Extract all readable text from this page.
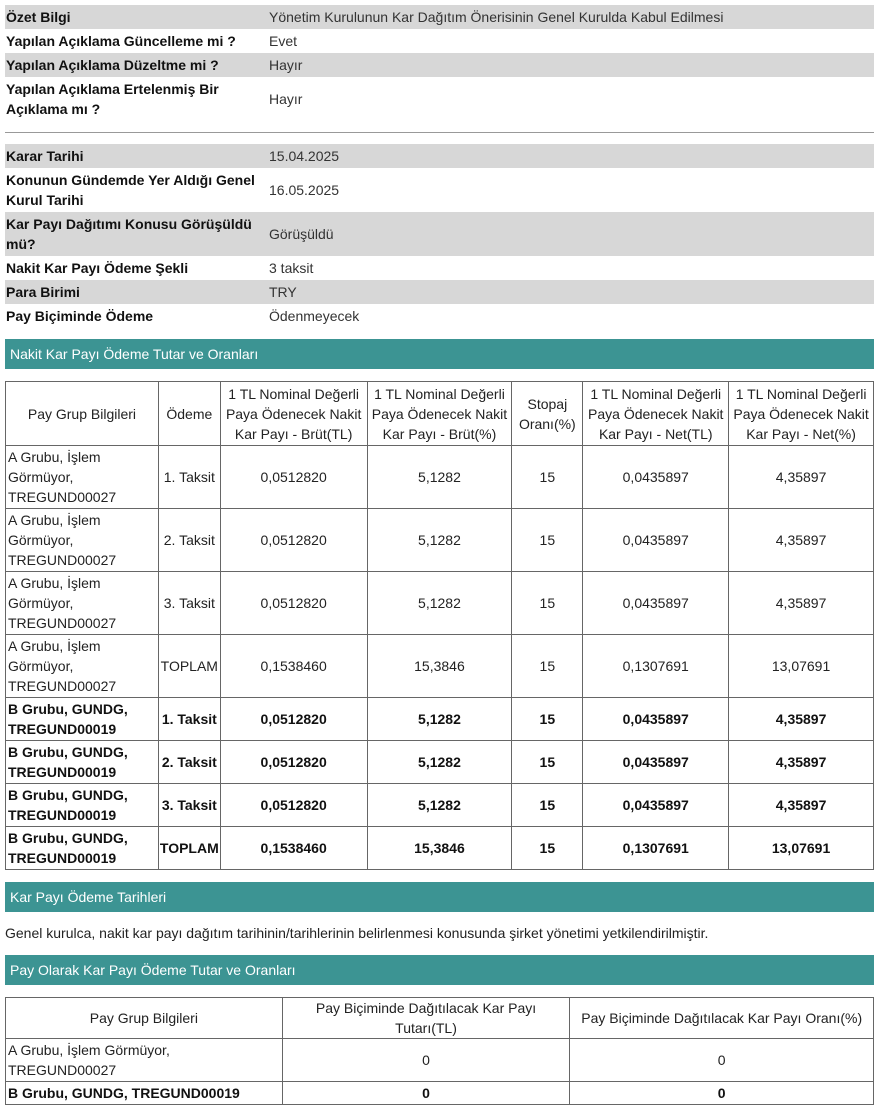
Özet Bilgi	Yönetim Kurulunun Kar Dağıtım Önerisinin Genel Kurulda Kabul Edilmesi
Yapılan Açıklama Güncelleme mi ?	Evet
Yapılan Açıklama Düzeltme mi ?	Hayır
Yapılan Açıklama Ertelenmiş Bir Açıklama mı ?	Hayır
Karar Tarihi	15.04.2025
Konunun Gündemde Yer Aldığı Genel Kurul Tarihi	16.05.2025
Kar Payı Dağıtımı Konusu Görüşüldü mü?	Görüşüldü
Nakit Kar Payı Ödeme Şekli	3 taksit
Para Birimi	TRY
Pay Biçiminde Ödeme	Ödenmeyecek
Nakit Kar Payı Ödeme Tutar ve Oranları
Pay Grup Bilgileri	Ödeme	1 TL Nominal Değerli Paya Ödenecek Nakit Kar Payı - Brüt(TL)	1 TL Nominal Değerli Paya Ödenecek Nakit Kar Payı - Brüt(%)	Stopaj Oranı(%)	1 TL Nominal Değerli Paya Ödenecek Nakit Kar Payı - Net(TL)	1 TL Nominal Değerli Paya Ödenecek Nakit Kar Payı - Net(%)
A Grubu, İşlem Görmüyor, TREGUND00027	1. Taksit	0,0512820	5,1282	15	0,0435897	4,35897
A Grubu, İşlem Görmüyor, TREGUND00027	2. Taksit	0,0512820	5,1282	15	0,0435897	4,35897
A Grubu, İşlem Görmüyor, TREGUND00027	3. Taksit	0,0512820	5,1282	15	0,0435897	4,35897
A Grubu, İşlem Görmüyor, TREGUND00027	TOPLAM	0,1538460	15,3846	15	0,1307691	13,07691
B Grubu, GUNDG, TREGUND00019	1. Taksit	0,0512820	5,1282	15	0,0435897	4,35897
B Grubu, GUNDG, TREGUND00019	2. Taksit	0,0512820	5,1282	15	0,0435897	4,35897
B Grubu, GUNDG, TREGUND00019	3. Taksit	0,0512820	5,1282	15	0,0435897	4,35897
B Grubu, GUNDG, TREGUND00019	TOPLAM	0,1538460	15,3846	15	0,1307691	13,07691
Kar Payı Ödeme Tarihleri
Genel kurulca, nakit kar payı dağıtım tarihinin/tarihlerinin belirlenmesi konusunda şirket yönetimi yetkilendirilmiştir.
Pay Olarak Kar Payı Ödeme Tutar ve Oranları
Pay Grup Bilgileri	Pay Biçiminde Dağıtılacak Kar Payı Tutarı(TL)	Pay Biçiminde Dağıtılacak Kar Payı Oranı(%)
A Grubu, İşlem Görmüyor, TREGUND00027	0	0
B Grubu, GUNDG, TREGUND00019	0	0
